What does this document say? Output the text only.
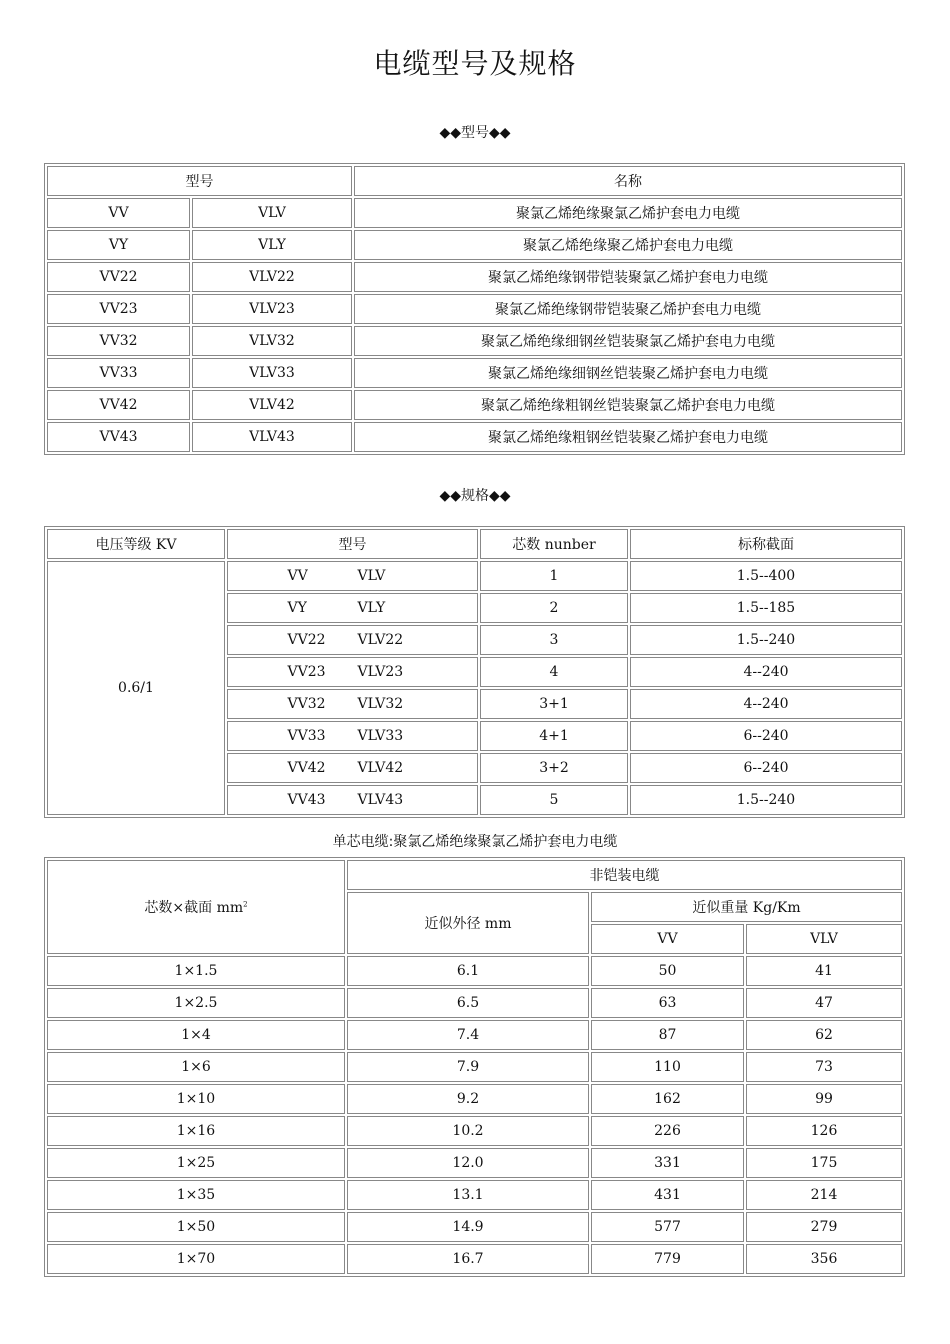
电缆型号及规格
◆◆型号◆◆
型号		名称
VV	VLV	聚氯乙烯绝缘聚氯乙烯护套电力电缆
VY	VLY	聚氯乙烯绝缘聚乙烯护套电力电缆
VV22	VLV22	聚氯乙烯绝缘钢带铠装聚氯乙烯护套电力电缆
VV23	VLV23	聚氯乙烯绝缘钢带铠装聚乙烯护套电力电缆
VV32	VLV32	聚氯乙烯绝缘细钢丝铠装聚氯乙烯护套电力电缆
VV33	VLV33	聚氯乙烯绝缘细钢丝铠装聚乙烯护套电力电缆
VV42	VLV42	聚氯乙烯绝缘粗钢丝铠装聚氯乙烯护套电力电缆
VV43	VLV43	聚氯乙烯绝缘粗钢丝铠装聚乙烯护套电力电缆
◆◆规格◆◆
电压等级 KV	型号	芯数 nunber	标称截面
0.6/1	VV VLV	1	1.5--400
	VY VLY	2	1.5--185
	VV22 VLV22	3	1.5--240
	VV23 VLV23	4	4--240
	VV32 VLV32	3+1	4--240
	VV33 VLV33	4+1	6--240
	VV42 VLV42	3+2	6--240
	VV43 VLV43	5	1.5--240
单芯电缆:聚氯乙烯绝缘聚氯乙烯护套电力电缆
芯数×截面 $mm^2$	非铠装电缆		
	近似外径 mm	近似重量 Kg/Km	
		VV	VLV
1×1.5	6.1	50	41
1×2.5	6.5	63	47
1×4	7.4	87	62
1×6	7.9	110	73
1×10	9.2	162	99
1×16	10.2	226	126
1×25	12.0	331	175
1×35	13.1	431	214
1×50	14.9	577	279
1×70	16.7	779	356
